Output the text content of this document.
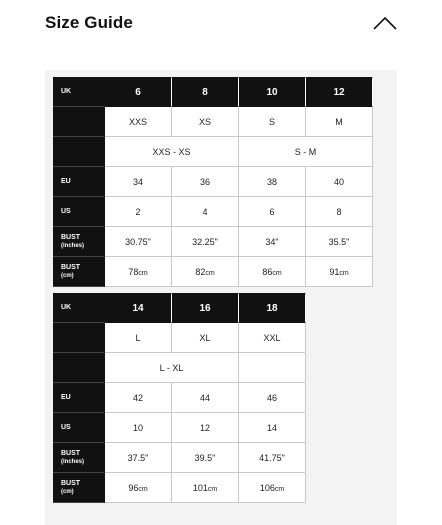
Size Guide
UK	6	8	10	12
	XXS	XS	S	M
	XXS - XS		S - M	
EU	34	36	38	40
US	2	4	6	8
BUST
(inches)	30.75"	32.25"	34"	35.5"
BUST
(cm)	78cm	82cm	86cm	91cm
UK	14	16	18
	L	XL	XXL
	L - XL		
EU	42	44	46
US	10	12	14
BUST
(inches)	37.5"	39.5"	41.75"
BUST
(cm)	96cm	101cm	106cm
